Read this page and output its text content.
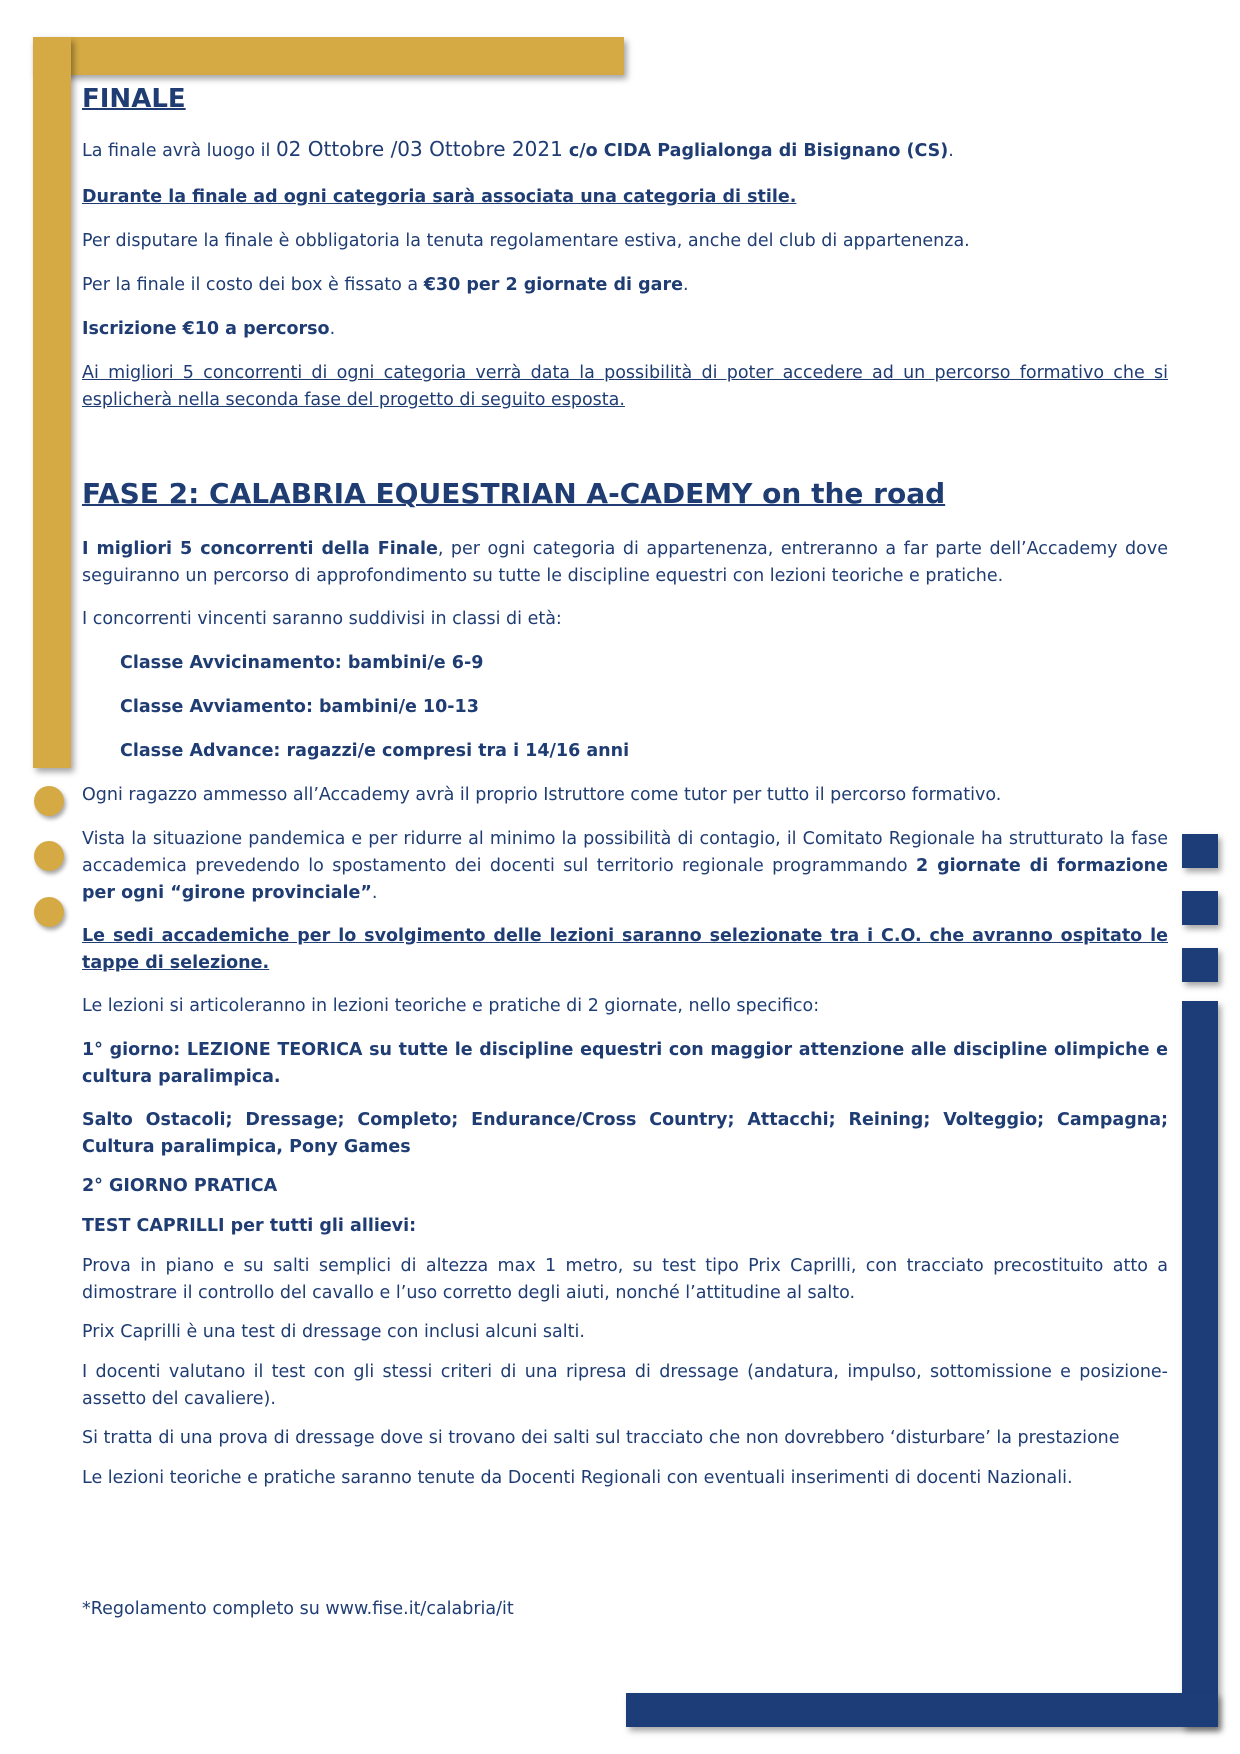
FINALE

La finale avrà luogo il 02 Ottobre /03 Ottobre 2021 c/o CIDA Paglialonga di Bisignano (CS).

Durante la finale ad ogni categoria sarà associata una categoria di stile.

Per disputare la finale è obbligatoria la tenuta regolamentare estiva, anche del club di appartenenza.

Per la finale il costo dei box è fissato a €30 per 2 giornate di gare.

Iscrizione €10 a percorso.

Ai migliori 5 concorrenti di ogni categoria verrà data la possibilità di poter accedere ad un percorso formativo che si esplicherà nella seconda fase del progetto di seguito esposta.

FASE 2: CALABRIA EQUESTRIAN A-CADEMY on the road

I migliori 5 concorrenti della Finale, per ogni categoria di appartenenza, entreranno a far parte dell’Accademy dove seguiranno un percorso di approfondimento su tutte le discipline equestri con lezioni teoriche e pratiche.

I concorrenti vincenti saranno suddivisi in classi di età:

Classe Avvicinamento: bambini/e 6-9

Classe Avviamento: bambini/e 10-13

Classe Advance: ragazzi/e compresi tra i 14/16 anni

Ogni ragazzo ammesso all’Accademy avrà il proprio Istruttore come tutor per tutto il percorso formativo.

Vista la situazione pandemica e per ridurre al minimo la possibilità di contagio, il Comitato Regionale ha strutturato la fase accademica prevedendo lo spostamento dei docenti sul territorio regionale programmando 2 giornate di formazione per ogni “girone provinciale”.

Le sedi accademiche per lo svolgimento delle lezioni saranno selezionate tra i C.O. che avranno ospitato le tappe di selezione.

Le lezioni si articoleranno in lezioni teoriche e pratiche di 2 giornate, nello specifico:

1° giorno: LEZIONE TEORICA su tutte le discipline equestri con maggior attenzione alle discipline olimpiche e cultura paralimpica.

Salto Ostacoli; Dressage; Completo; Endurance/Cross Country; Attacchi; Reining; Volteggio; Campagna; Cultura paralimpica, Pony Games

2° GIORNO PRATICA

TEST CAPRILLI per tutti gli allievi:

Prova in piano e su salti semplici di altezza max 1 metro, su test tipo Prix Caprilli, con tracciato precostituito atto a dimostrare il controllo del cavallo e l’uso corretto degli aiuti, nonché l’attitudine al salto.

Prix Caprilli è una test di dressage con inclusi alcuni salti.

I docenti valutano il test con gli stessi criteri di una ripresa di dressage (andatura, impulso, sottomissione e posizione-assetto del cavaliere).

Si tratta di una prova di dressage dove si trovano dei salti sul tracciato che non dovrebbero ‘disturbare’ la prestazione

Le lezioni teoriche e pratiche saranno tenute da Docenti Regionali con eventuali inserimenti di docenti Nazionali.

*Regolamento completo su www.fise.it/calabria/it
